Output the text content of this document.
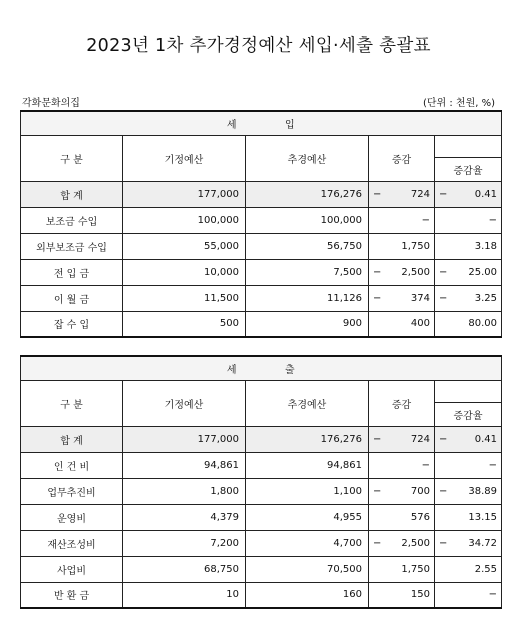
2023년 1차 추가경정예산 세입·세출 총괄표
각화문화의집	(단위 : 천원, %)
세 입				
구 분	기정예산	추경예산	증감	
				증감율
합 계	177,000	176,276	− 724	− 0.41

보조금 수입	100,000	100,000	−	−

외부보조금 수입	55,000	56,750	1,750	3.18

전 입 금	10,000	7,500	− 2,500	− 25.00

이 월 금	11,500	11,126	− 374	− 3.25

잡 수 입	500	900	400	80.00
세 출				
구 분	기정예산	추경예산	증감	
				증감율
합 계	177,000	176,276	− 724	− 0.41

인 건 비	94,861	94,861	−	−

업무추진비	1,800	1,100	− 700	− 38.89

운영비	4,379	4,955	576	13.15

재산조성비	7,200	4,700	− 2,500	− 34.72

사업비	68,750	70,500	1,750	2.55

반 환 금	10	160	150	−
